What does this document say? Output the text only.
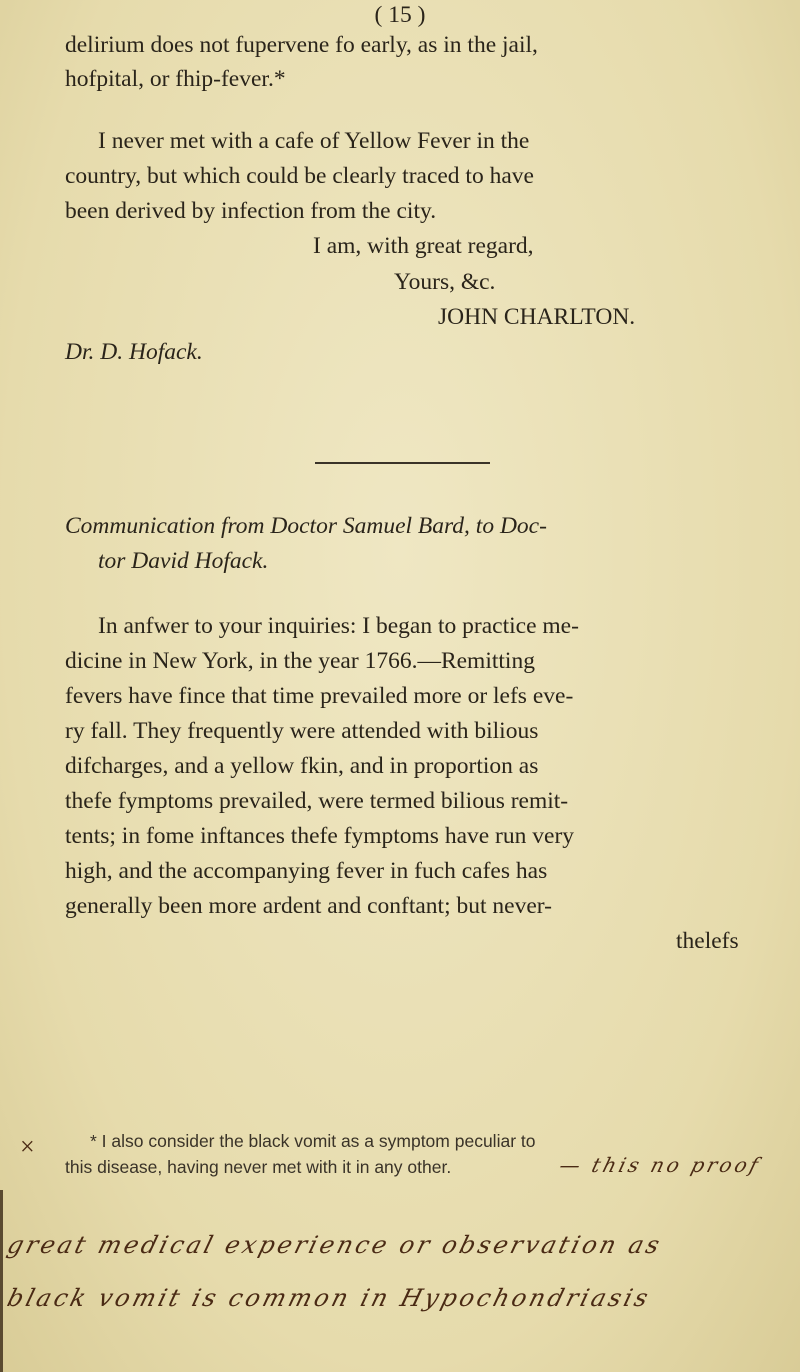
( 15 )
delirium does not fupervene fo early, as in the jail,
hofpital, or fhip-fever.*
I never met with a cafe of Yellow Fever in the
country, but which could be clearly traced to have
been derived by infection from the city.
I am, with great regard,
Yours, &c.
JOHN CHARLTON.
Dr. D. Hofack.
Communication from Doctor Samuel Bard, to Doc-
tor David Hofack.
In anfwer to your inquiries: I began to practice me-
dicine in New York, in the year 1766.—Remitting
fevers have fince that time prevailed more or lefs eve-
ry fall. They frequently were attended with bilious
difcharges, and a yellow fkin, and in proportion as
thefe fymptoms prevailed, were termed bilious remit-
tents; in fome inftances thefe fymptoms have run very
high, and the accompanying fever in fuch cafes has
generally been more ardent and conftant; but never-
thelefs
×	* I also consider the black vomit as a symptom peculiar to
this disease, having never met with it in any other.	— this no proof
great medical experience or observation as
black vomit is common in Hypochondriasis
